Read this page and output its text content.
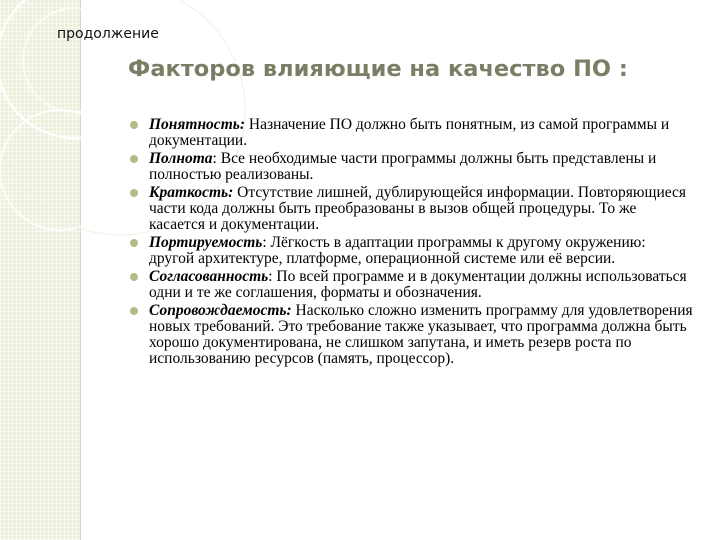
продолжение
Факторов влияющие на качество ПО :
Понятность: Назначение ПО должно быть понятным, из самой программы и документации.
Полнота: Все необходимые части программы должны быть представлены и полностью реализованы.
Краткость: Отсутствие лишней, дублирующейся информации. Повторяющиеся части кода должны быть преобразованы в вызов общей процедуры. То же касается и документации.
Портируемость: Лёгкость в адаптации программы к другому окружению: другой архитектуре, платформе, операционной системе или её версии.
Согласованность: По всей программе и в документации должны использоваться одни и те же соглашения, форматы и обозначения.
Сопровождаемость: Насколько сложно изменить программу для удовлетворения новых требований. Это требование также указывает, что программа должна быть хорошо документирована, не слишком запутана, и иметь резерв роста по использованию ресурсов (память, процессор).
